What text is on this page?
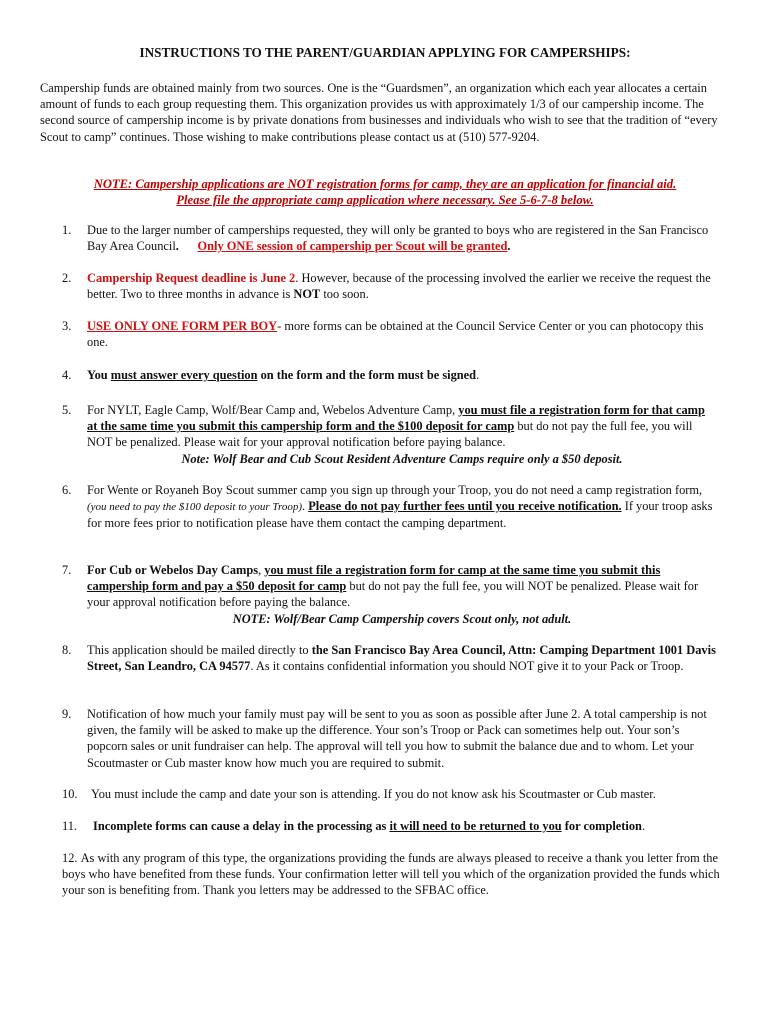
INSTRUCTIONS TO THE PARENT/GUARDIAN APPLYING FOR CAMPERSHIPS:
Campership funds are obtained mainly from two sources. One is the “Guardsmen”, an organization which each year allocates a certain amount of funds to each group requesting them. This organization provides us with approximately 1/3 of our campership income. The second source of campership income is by private donations from businesses and individuals who wish to see that the tradition of “every Scout to camp” continues. Those wishing to make contributions please contact us at (510) 577-9204.
NOTE: Campership applications are NOT registration forms for camp, they are an application for financial aid.
Please file the appropriate camp application where necessary. See 5-6-7-8 below.
1. Due to the larger number of camperships requested, they will only be granted to boys who are registered in the San Francisco Bay Area Council. Only ONE session of campership per Scout will be granted.
2. Campership Request deadline is June 2. However, because of the processing involved the earlier we receive the request the better. Two to three months in advance is NOT too soon.
3. USE ONLY ONE FORM PER BOY- more forms can be obtained at the Council Service Center or you can photocopy this one.
4. You must answer every question on the form and the form must be signed.
5. For NYLT, Eagle Camp, Wolf/Bear Camp and, Webelos Adventure Camp, you must file a registration form for that camp at the same time you submit this campership form and the $100 deposit for camp but do not pay the full fee, you will NOT be penalized. Please wait for your approval notification before paying balance.
Note: Wolf Bear and Cub Scout Resident Adventure Camps require only a $50 deposit.
6. For Wente or Royaneh Boy Scout summer camp you sign up through your Troop, you do not need a camp registration form, (you need to pay the $100 deposit to your Troop). Please do not pay further fees until you receive notification. If your troop asks for more fees prior to notification please have them contact the camping department.
7. For Cub or Webelos Day Camps, you must file a registration form for camp at the same time you submit this campership form and pay a $50 deposit for camp but do not pay the full fee, you will NOT be penalized. Please wait for your approval notification before paying the balance.
NOTE: Wolf/Bear Camp Campership covers Scout only, not adult.
8. This application should be mailed directly to the San Francisco Bay Area Council, Attn: Camping Department 1001 Davis Street, San Leandro, CA 94577. As it contains confidential information you should NOT give it to your Pack or Troop.
9. Notification of how much your family must pay will be sent to you as soon as possible after June 2. A total campership is not given, the family will be asked to make up the difference. Your son’s Troop or Pack can sometimes help out. Your son’s popcorn sales or unit fundraiser can help. The approval will tell you how to submit the balance due and to whom. Let your Scoutmaster or Cub master know how much you are required to submit.
10. You must include the camp and date your son is attending. If you do not know ask his Scoutmaster or Cub master.
11. Incomplete forms can cause a delay in the processing as it will need to be returned to you for completion.
12. As with any program of this type, the organizations providing the funds are always pleased to receive a thank you letter from the boys who have benefited from these funds. Your confirmation letter will tell you which of the organization provided the funds which your son is benefiting from. Thank you letters may be addressed to the SFBAC office.
